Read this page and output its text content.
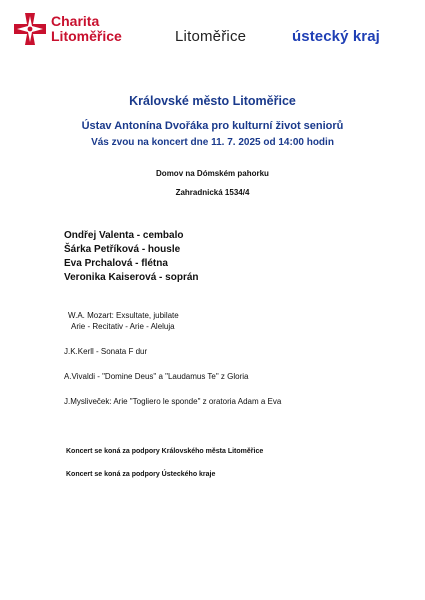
Charita
Litoměřice	Litoměřice	ústecký kraj
Královské město Litoměřice
Ústav Antonína Dvořáka pro kulturní život seniorů
Vás zvou na koncert dne 11. 7. 2025 od 14:00 hodin
Domov na Dómském pahorku
Zahradnická 1534/4
Ondřej Valenta - cembalo
Šárka Petříková - housle
Eva Prchalová - flétna
Veronika Kaiserová - soprán
W.A. Mozart: Exsultate, jubilate
Arie - Recitativ - Arie - Aleluja
J.K.Kerll - Sonata F dur
A.Vivaldi - "Domine Deus" a "Laudamus Te" z Gloria
J.Mysliveček: Arie "Togliero le sponde" z oratoria Adam a Eva
Koncert se koná za podpory Královského města Litoměřice
Koncert se koná za podpory Ústeckého kraje
